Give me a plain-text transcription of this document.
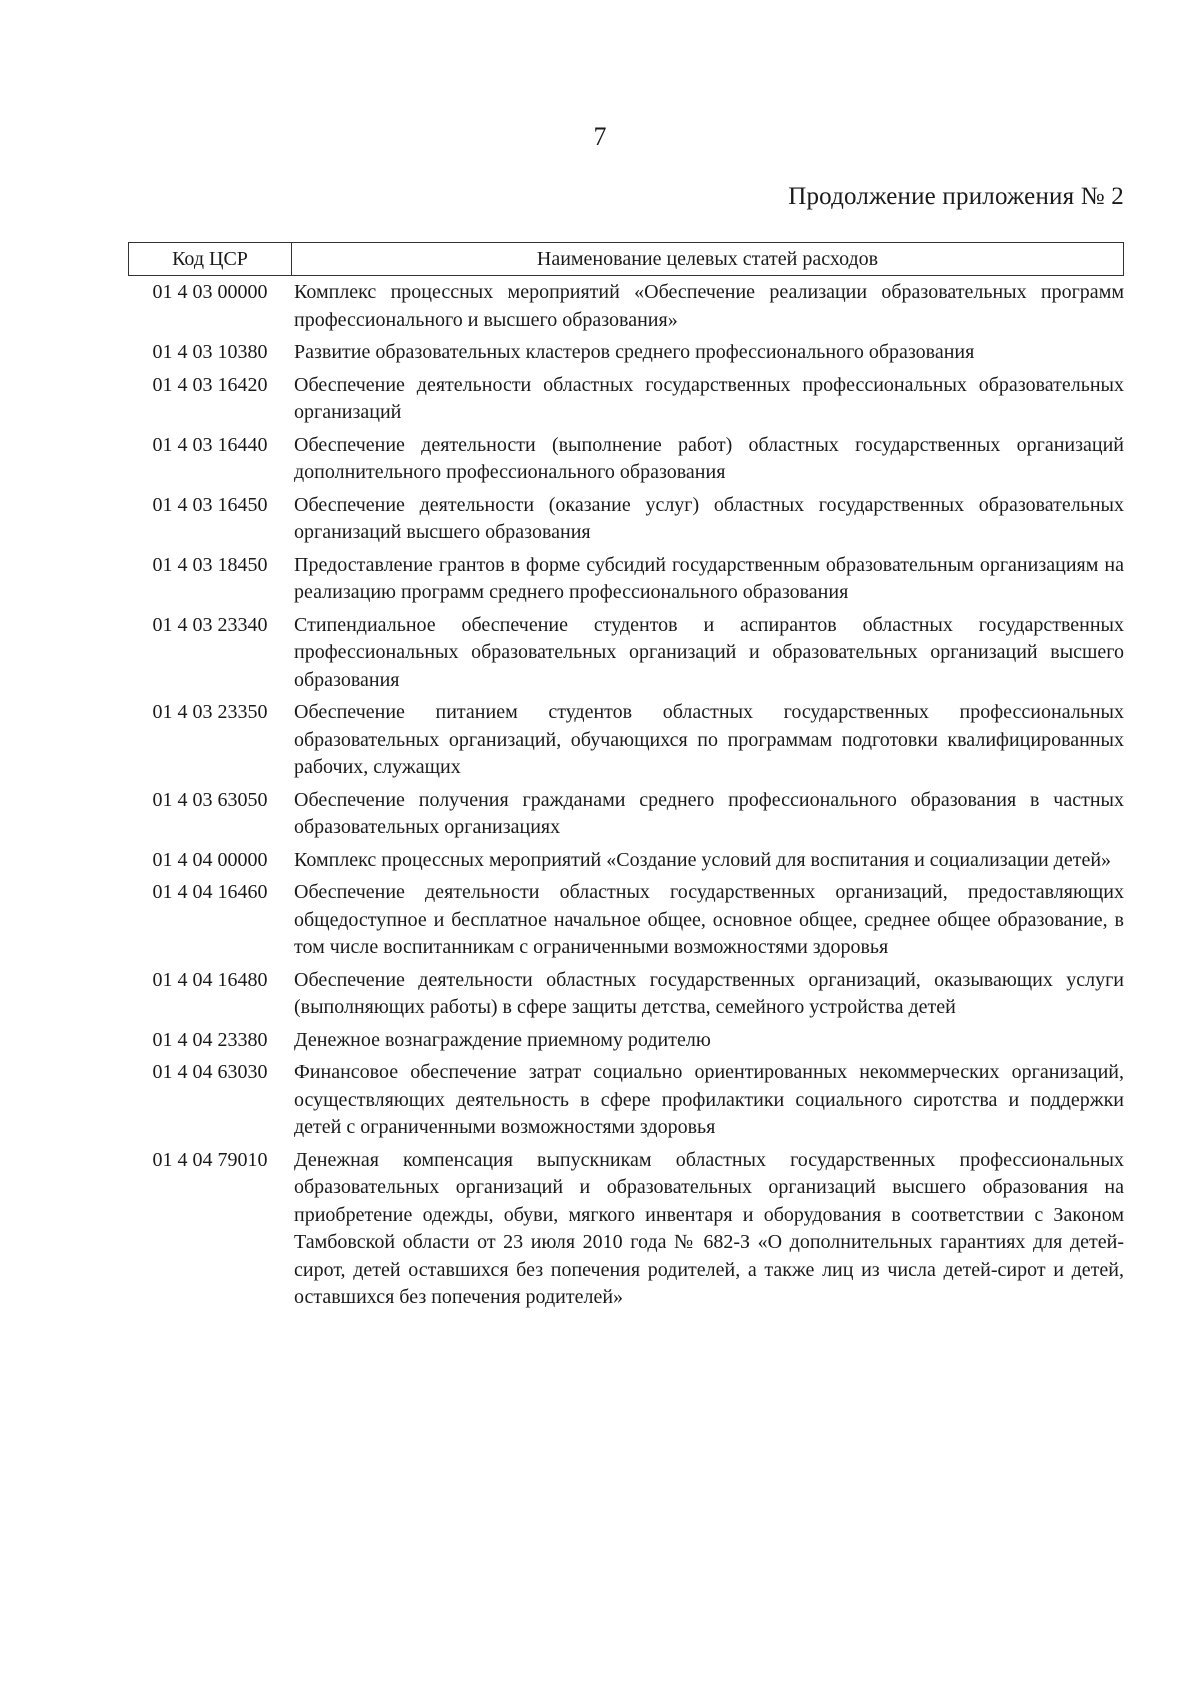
7
Продолжение приложения № 2
Код ЦСР	Наименование целевых статей расходов
01 4 03 00000	Комплекс процессных мероприятий «Обеспечение реализации образовательных программ профессионального и высшего образования»
01 4 03 10380	Развитие образовательных кластеров среднего профессионального образования
01 4 03 16420	Обеспечение деятельности областных государственных профессиональных образовательных организаций
01 4 03 16440	Обеспечение деятельности (выполнение работ) областных государственных организаций дополнительного профессионального образования
01 4 03 16450	Обеспечение деятельности (оказание услуг) областных государственных образовательных организаций высшего образования
01 4 03 18450	Предоставление грантов в форме субсидий государственным образовательным организациям на реализацию программ среднего профессионального образования
01 4 03 23340	Стипендиальное обеспечение студентов и аспирантов областных государственных профессиональных образовательных организаций и образовательных организаций высшего образования
01 4 03 23350	Обеспечение питанием студентов областных государственных профессиональных образовательных организаций, обучающихся по программам подготовки квалифицированных рабочих, служащих
01 4 03 63050	Обеспечение получения гражданами среднего профессионального образования в частных образовательных организациях
01 4 04 00000	Комплекс процессных мероприятий «Создание условий для воспитания и социализации детей»
01 4 04 16460	Обеспечение деятельности областных государственных организаций, предоставляющих общедоступное и бесплатное начальное общее, основное общее, среднее общее образование, в том числе воспитанникам с ограниченными возможностями здоровья
01 4 04 16480	Обеспечение деятельности областных государственных организаций, оказывающих услуги (выполняющих работы) в сфере защиты детства, семейного устройства детей
01 4 04 23380	Денежное вознаграждение приемному родителю
01 4 04 63030	Финансовое обеспечение затрат социально ориентированных некоммерческих организаций, осуществляющих деятельность в сфере профилактики социального сиротства и поддержки детей с ограниченными возможностями здоровья
01 4 04 79010	Денежная компенсация выпускникам областных государственных профессиональных образовательных организаций и образовательных организаций высшего образования на приобретение одежды, обуви, мягкого инвентаря и оборудования в соответствии с Законом Тамбовской области от 23 июля 2010 года № 682-З «О дополнительных гарантиях для детей-сирот, детей оставшихся без попечения родителей, а также лиц из числа детей-сирот и детей, оставшихся без попечения родителей»
